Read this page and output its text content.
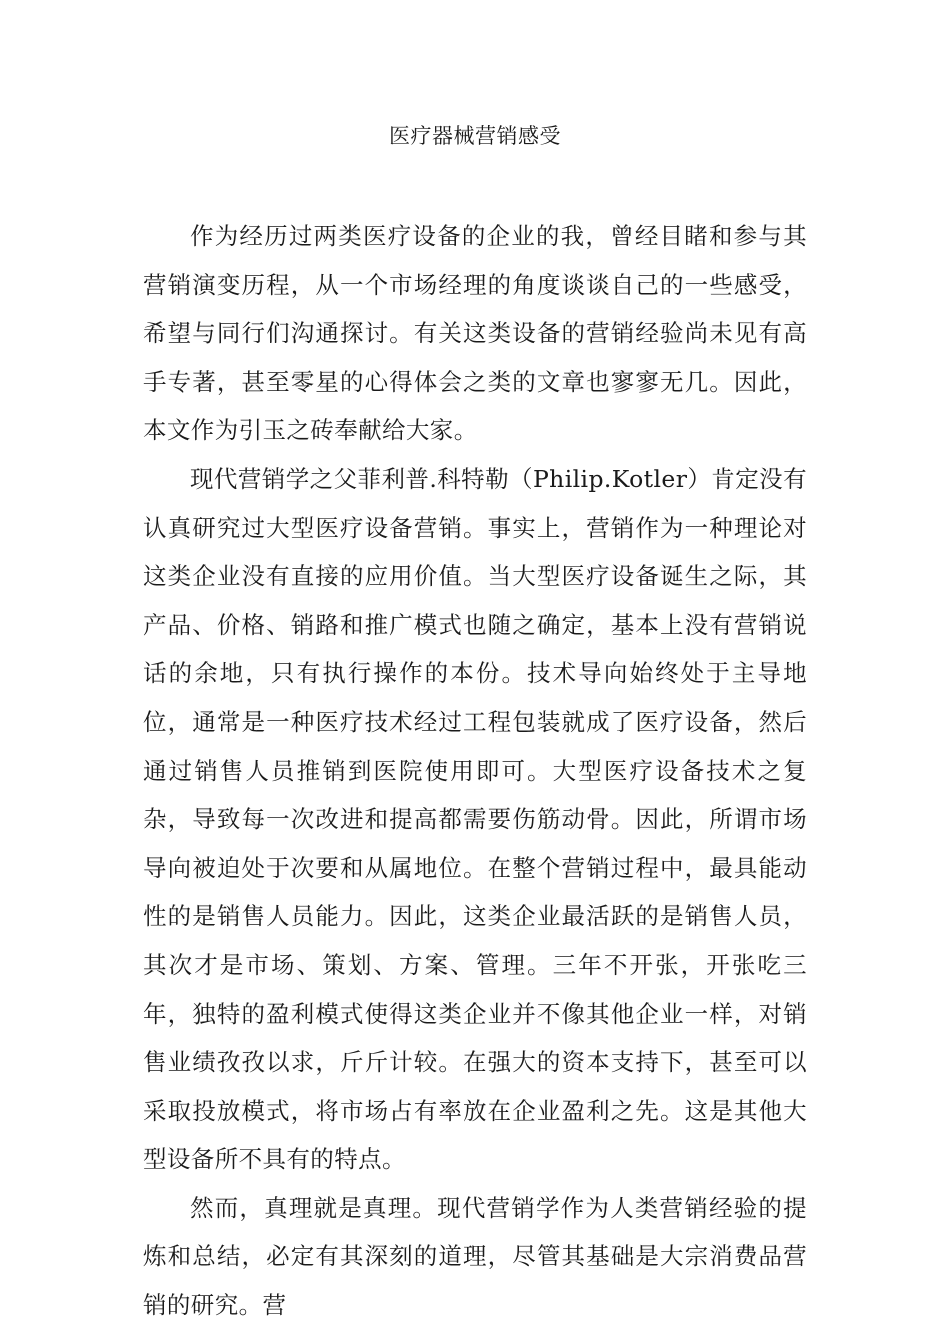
医疗器械营销感受

作为经历过两类医疗设备的企业的我，曾经目睹和参与其营销演变历程，从一个市场经理的角度谈谈自己的一些感受，希望与同行们沟通探讨。有关这类设备的营销经验尚未见有高手专著，甚至零星的心得体会之类的文章也寥寥无几。因此，本文作为引玉之砖奉献给大家。

现代营销学之父菲利普.科特勒（Philip.Kotler）肯定没有认真研究过大型医疗设备营销。事实上，营销作为一种理论对这类企业没有直接的应用价值。当大型医疗设备诞生之际，其产品、价格、销路和推广模式也随之确定，基本上没有营销说话的余地，只有执行操作的本份。技术导向始终处于主导地位，通常是一种医疗技术经过工程包装就成了医疗设备，然后通过销售人员推销到医院使用即可。大型医疗设备技术之复杂，导致每一次改进和提高都需要伤筋动骨。因此，所谓市场导向被迫处于次要和从属地位。在整个营销过程中，最具能动性的是销售人员能力。因此，这类企业最活跃的是销售人员，其次才是市场、策划、方案、管理。三年不开张，开张吃三年，独特的盈利模式使得这类企业并不像其他企业一样，对销售业绩孜孜以求，斤斤计较。在强大的资本支持下，甚至可以采取投放模式，将市场占有率放在企业盈利之先。这是其他大型设备所不具有的特点。

然而，真理就是真理。现代营销学作为人类营销经验的提炼和总结，必定有其深刻的道理，尽管其基础是大宗消费品营销的研究。营
